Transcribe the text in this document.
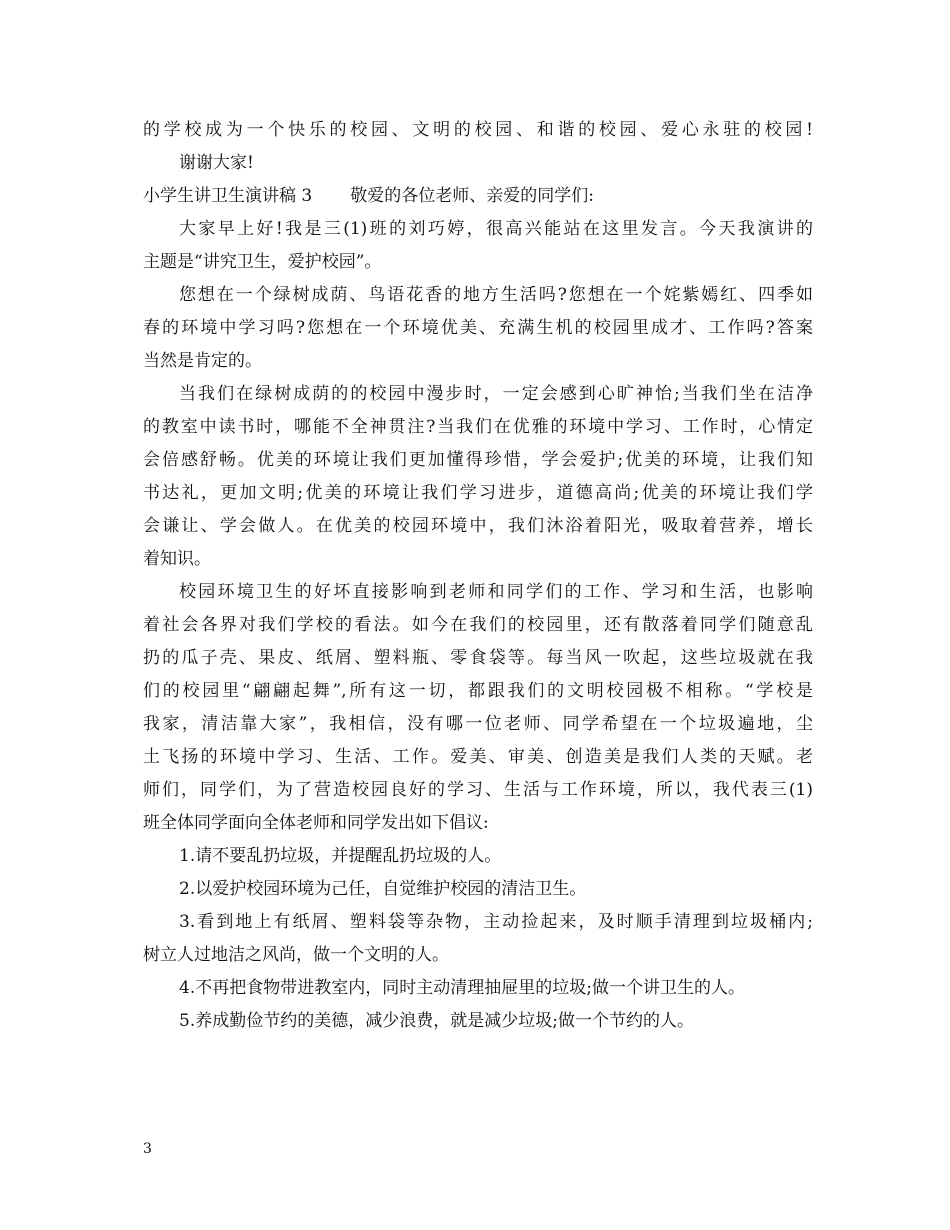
的学校成为一个快乐的校园、文明的校园、和谐的校园、爱心永驻的校园!
谢谢大家!
小学生讲卫生演讲稿 3 敬爱的各位老师、亲爱的同学们:
大家早上好!我是三(1)班的刘巧婷，很高兴能站在这里发言。今天我演讲的
主题是“讲究卫生，爱护校园”。
您想在一个绿树成荫、鸟语花香的地方生活吗?您想在一个姹紫嫣红、四季如
春的环境中学习吗?您想在一个环境优美、充满生机的校园里成才、工作吗?答案
当然是肯定的。
当我们在绿树成荫的的校园中漫步时，一定会感到心旷神怡;当我们坐在洁净
的教室中读书时，哪能不全神贯注?当我们在优雅的环境中学习、工作时，心情定
会倍感舒畅。优美的环境让我们更加懂得珍惜，学会爱护;优美的环境，让我们知
书达礼，更加文明;优美的环境让我们学习进步，道德高尚;优美的环境让我们学
会谦让、学会做人。在优美的校园环境中，我们沐浴着阳光，吸取着营养，增长
着知识。
校园环境卫生的好坏直接影响到老师和同学们的工作、学习和生活，也影响
着社会各界对我们学校的看法。如今在我们的校园里，还有散落着同学们随意乱
扔的瓜子壳、果皮、纸屑、塑料瓶、零食袋等。每当风一吹起，这些垃圾就在我
们的校园里“翩翩起舞”,所有这一切，都跟我们的文明校园极不相称。“学校是
我家，清洁靠大家”，我相信，没有哪一位老师、同学希望在一个垃圾遍地，尘
土飞扬的环境中学习、生活、工作。爱美、审美、创造美是我们人类的天赋。老
师们，同学们，为了营造校园良好的学习、生活与工作环境，所以，我代表三(1)
班全体同学面向全体老师和同学发出如下倡议:
1.请不要乱扔垃圾，并提醒乱扔垃圾的人。
2.以爱护校园环境为己任，自觉维护校园的清洁卫生。
3.看到地上有纸屑、塑料袋等杂物，主动捡起来，及时顺手清理到垃圾桶内;
树立人过地洁之风尚，做一个文明的人。
4.不再把食物带进教室内，同时主动清理抽屉里的垃圾;做一个讲卫生的人。
5.养成勤俭节约的美德，减少浪费，就是减少垃圾;做一个节约的人。
3
